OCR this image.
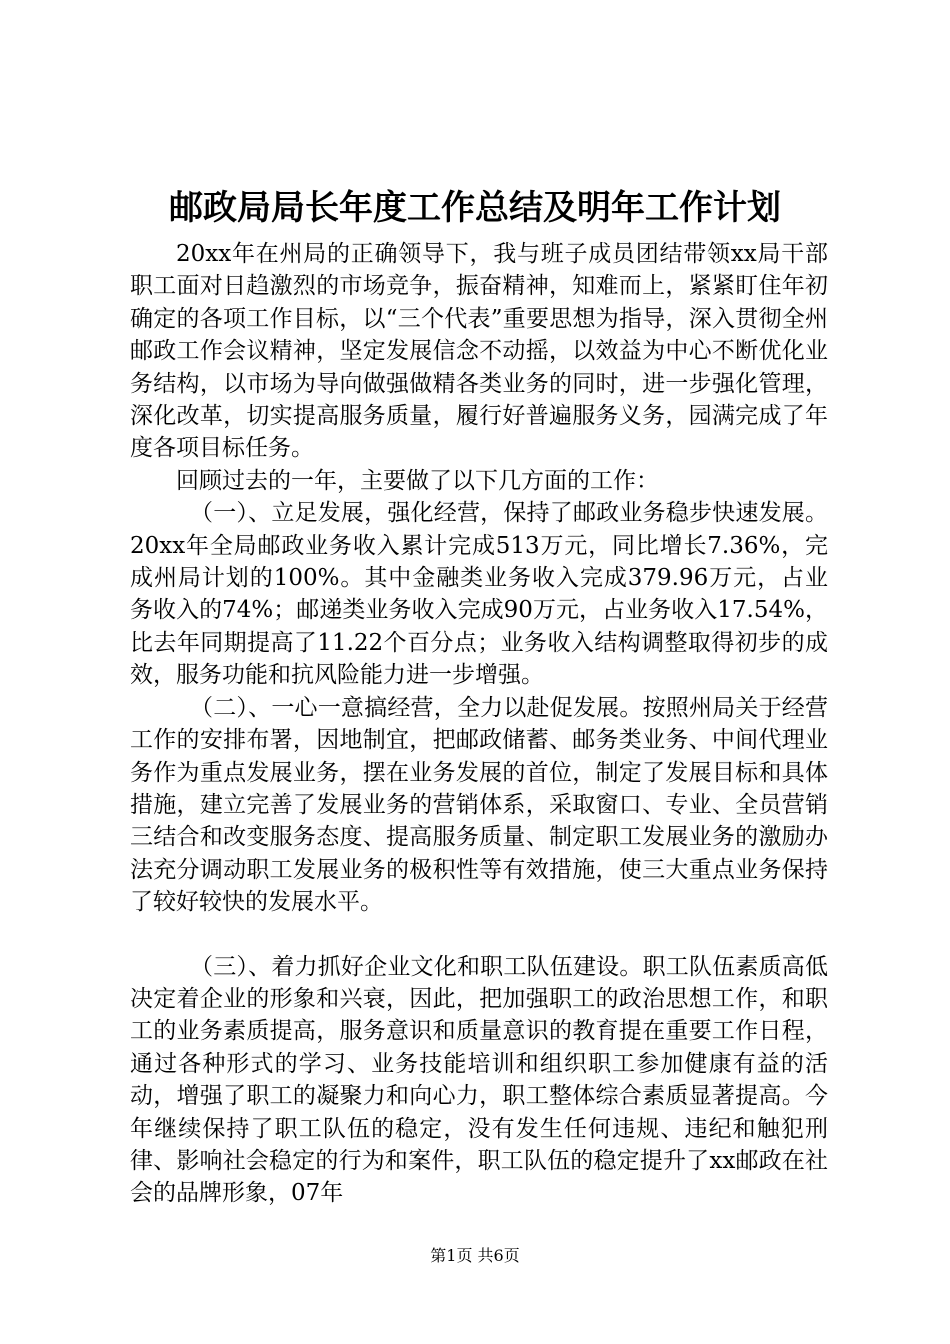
邮政局局长年度工作总结及明年工作计划

20xx年在州局的正确领导下，我与班子成员团结带领xx局干部职工面对日趋激烈的市场竞争，振奋精神，知难而上，紧紧盯住年初确定的各项工作目标，以“三个代表”重要思想为指导，深入贯彻全州邮政工作会议精神，坚定发展信念不动摇，以效益为中心不断优化业务结构，以市场为导向做强做精各类业务的同时，进一步强化管理，深化改革，切实提高服务质量，履行好普遍服务义务，园满完成了年度各项目标任务。

回顾过去的一年，主要做了以下几方面的工作：

（一）、立足发展，强化经营，保持了邮政业务稳步快速发展。20xx年全局邮政业务收入累计完成513万元，同比增长7.36%，完成州局计划的100%。其中金融类业务收入完成379.96万元，占业务收入的74%；邮递类业务收入完成90万元，占业务收入17.54%，比去年同期提高了11.22个百分点；业务收入结构调整取得初步的成效，服务功能和抗风险能力进一步增强。

（二）、一心一意搞经营，全力以赴促发展。按照州局关于经营工作的安排布署，因地制宜，把邮政储蓄、邮务类业务、中间代理业务作为重点发展业务，摆在业务发展的首位，制定了发展目标和具体措施，建立完善了发展业务的营销体系，采取窗口、专业、全员营销三结合和改变服务态度、提高服务质量、制定职工发展业务的激励办法充分调动职工发展业务的极积性等有效措施，使三大重点业务保持了较好较快的发展水平。

（三）、着力抓好企业文化和职工队伍建设。职工队伍素质高低决定着企业的形象和兴衰，因此，把加强职工的政治思想工作，和职工的业务素质提高，服务意识和质量意识的教育提在重要工作日程，通过各种形式的学习、业务技能培训和组织职工参加健康有益的活动，增强了职工的凝聚力和向心力，职工整体综合素质显著提高。今年继续保持了职工队伍的稳定，没有发生任何违规、违纪和触犯刑律、影响社会稳定的行为和案件，职工队伍的稳定提升了xx邮政在社会的品牌形象，07年

第1页 共6页
